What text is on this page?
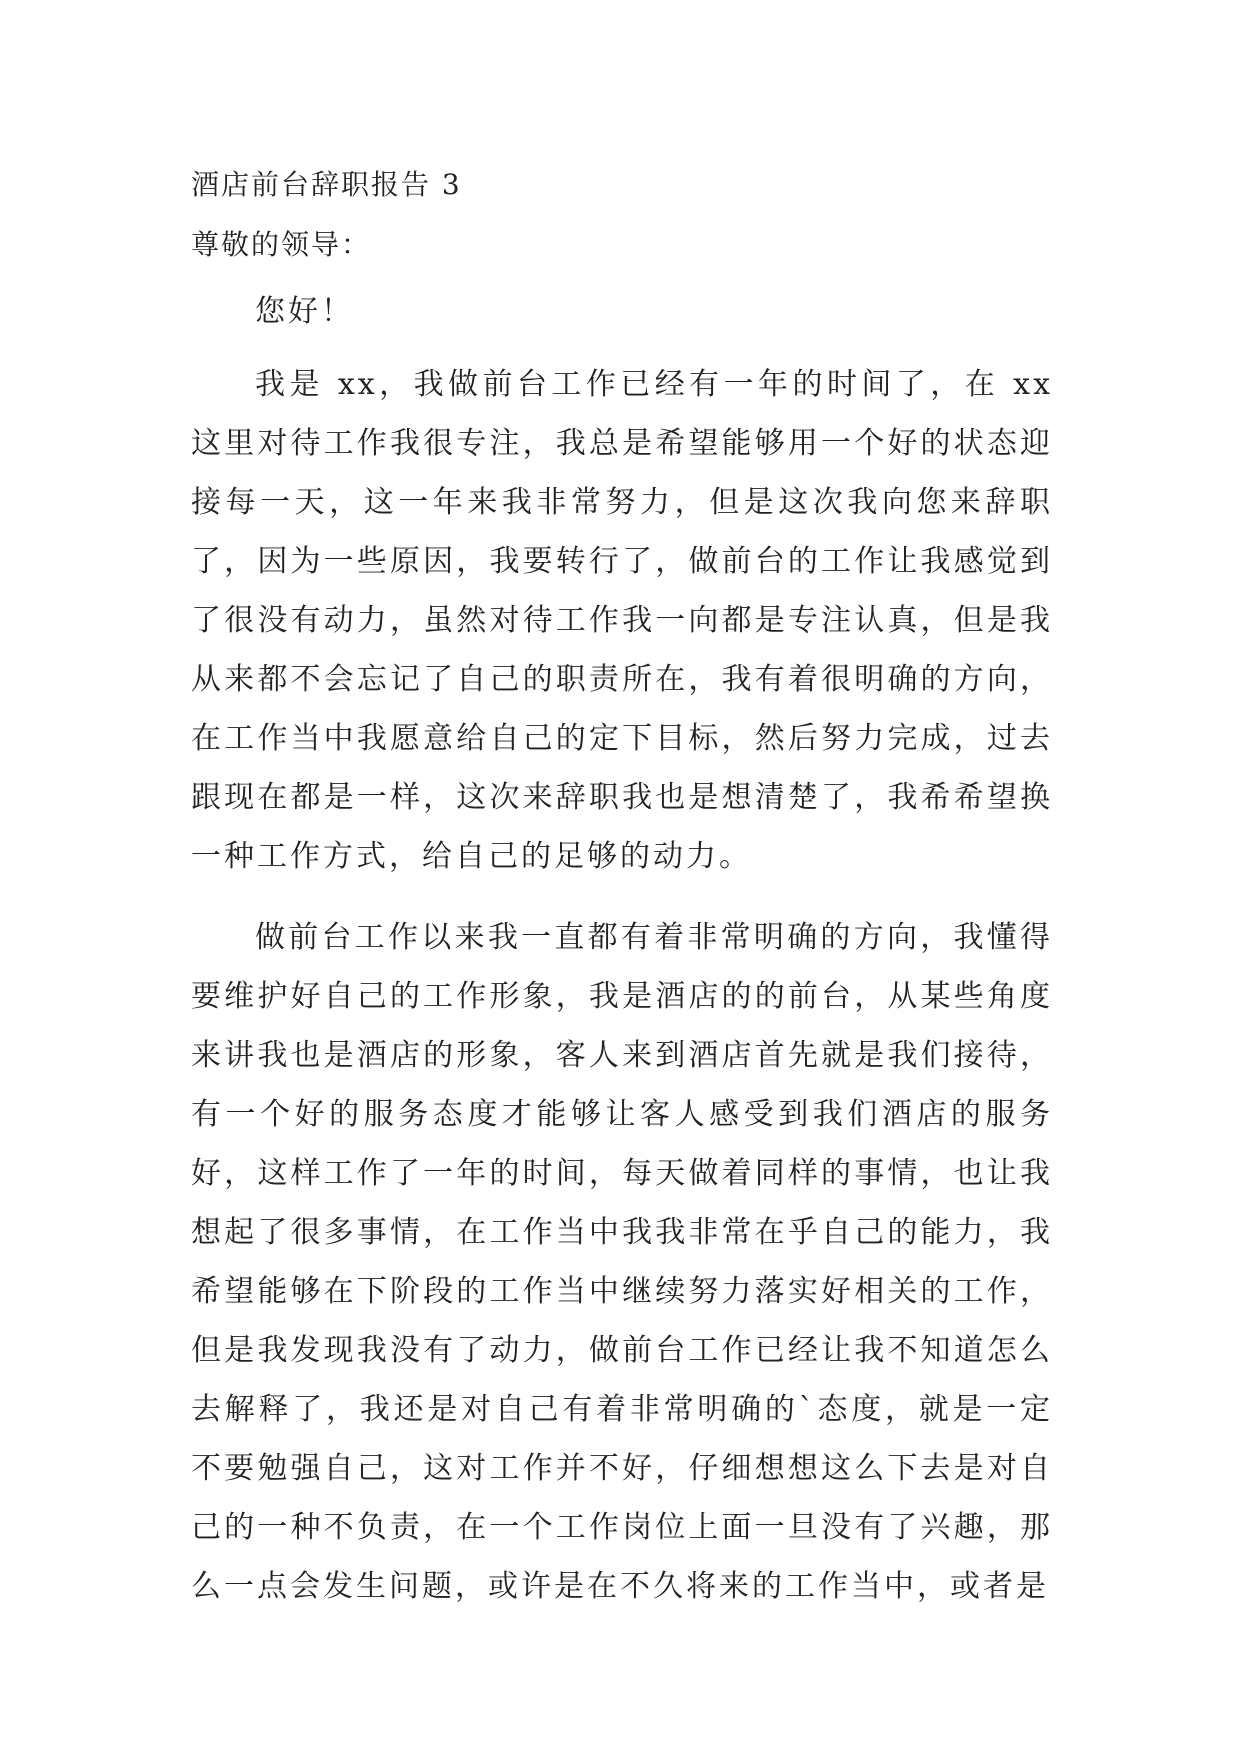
酒店前台辞职报告 3
尊敬的领导：

您好！

我是 xx，我做前台工作已经有一年的时间了，在 xx 这里对待工作我很专注，我总是希望能够用一个好的状态迎接每一天，这一年来我非常努力，但是这次我向您来辞职了，因为一些原因，我要转行了，做前台的工作让我感觉到了很没有动力，虽然对待工作我一向都是专注认真，但是我从来都不会忘记了自己的职责所在，我有着很明确的方向，在工作当中我愿意给自己的定下目标，然后努力完成，过去跟现在都是一样，这次来辞职我也是想清楚了，我希希望换一种工作方式，给自己的足够的动力。

做前台工作以来我一直都有着非常明确的方向，我懂得要维护好自己的工作形象，我是酒店的的前台，从某些角度来讲我也是酒店的形象，客人来到酒店首先就是我们接待，有一个好的服务态度才能够让客人感受到我们酒店的服务好，这样工作了一年的时间，每天做着同样的事情，也让我想起了很多事情，在工作当中我我非常在乎自己的能力，我希望能够在下阶段的工作当中继续努力落实好相关的工作，但是我发现我没有了动力，做前台工作已经让我不知道怎么去解释了，我还是对自己有着非常明确的`态度，就是一定不要勉强自己，这对工作并不好，仔细想想这么下去是对自己的一种不负责，在一个工作岗位上面一旦没有了兴趣，那么一点会发生问题，或许是在不久将来的工作当中，或者是
